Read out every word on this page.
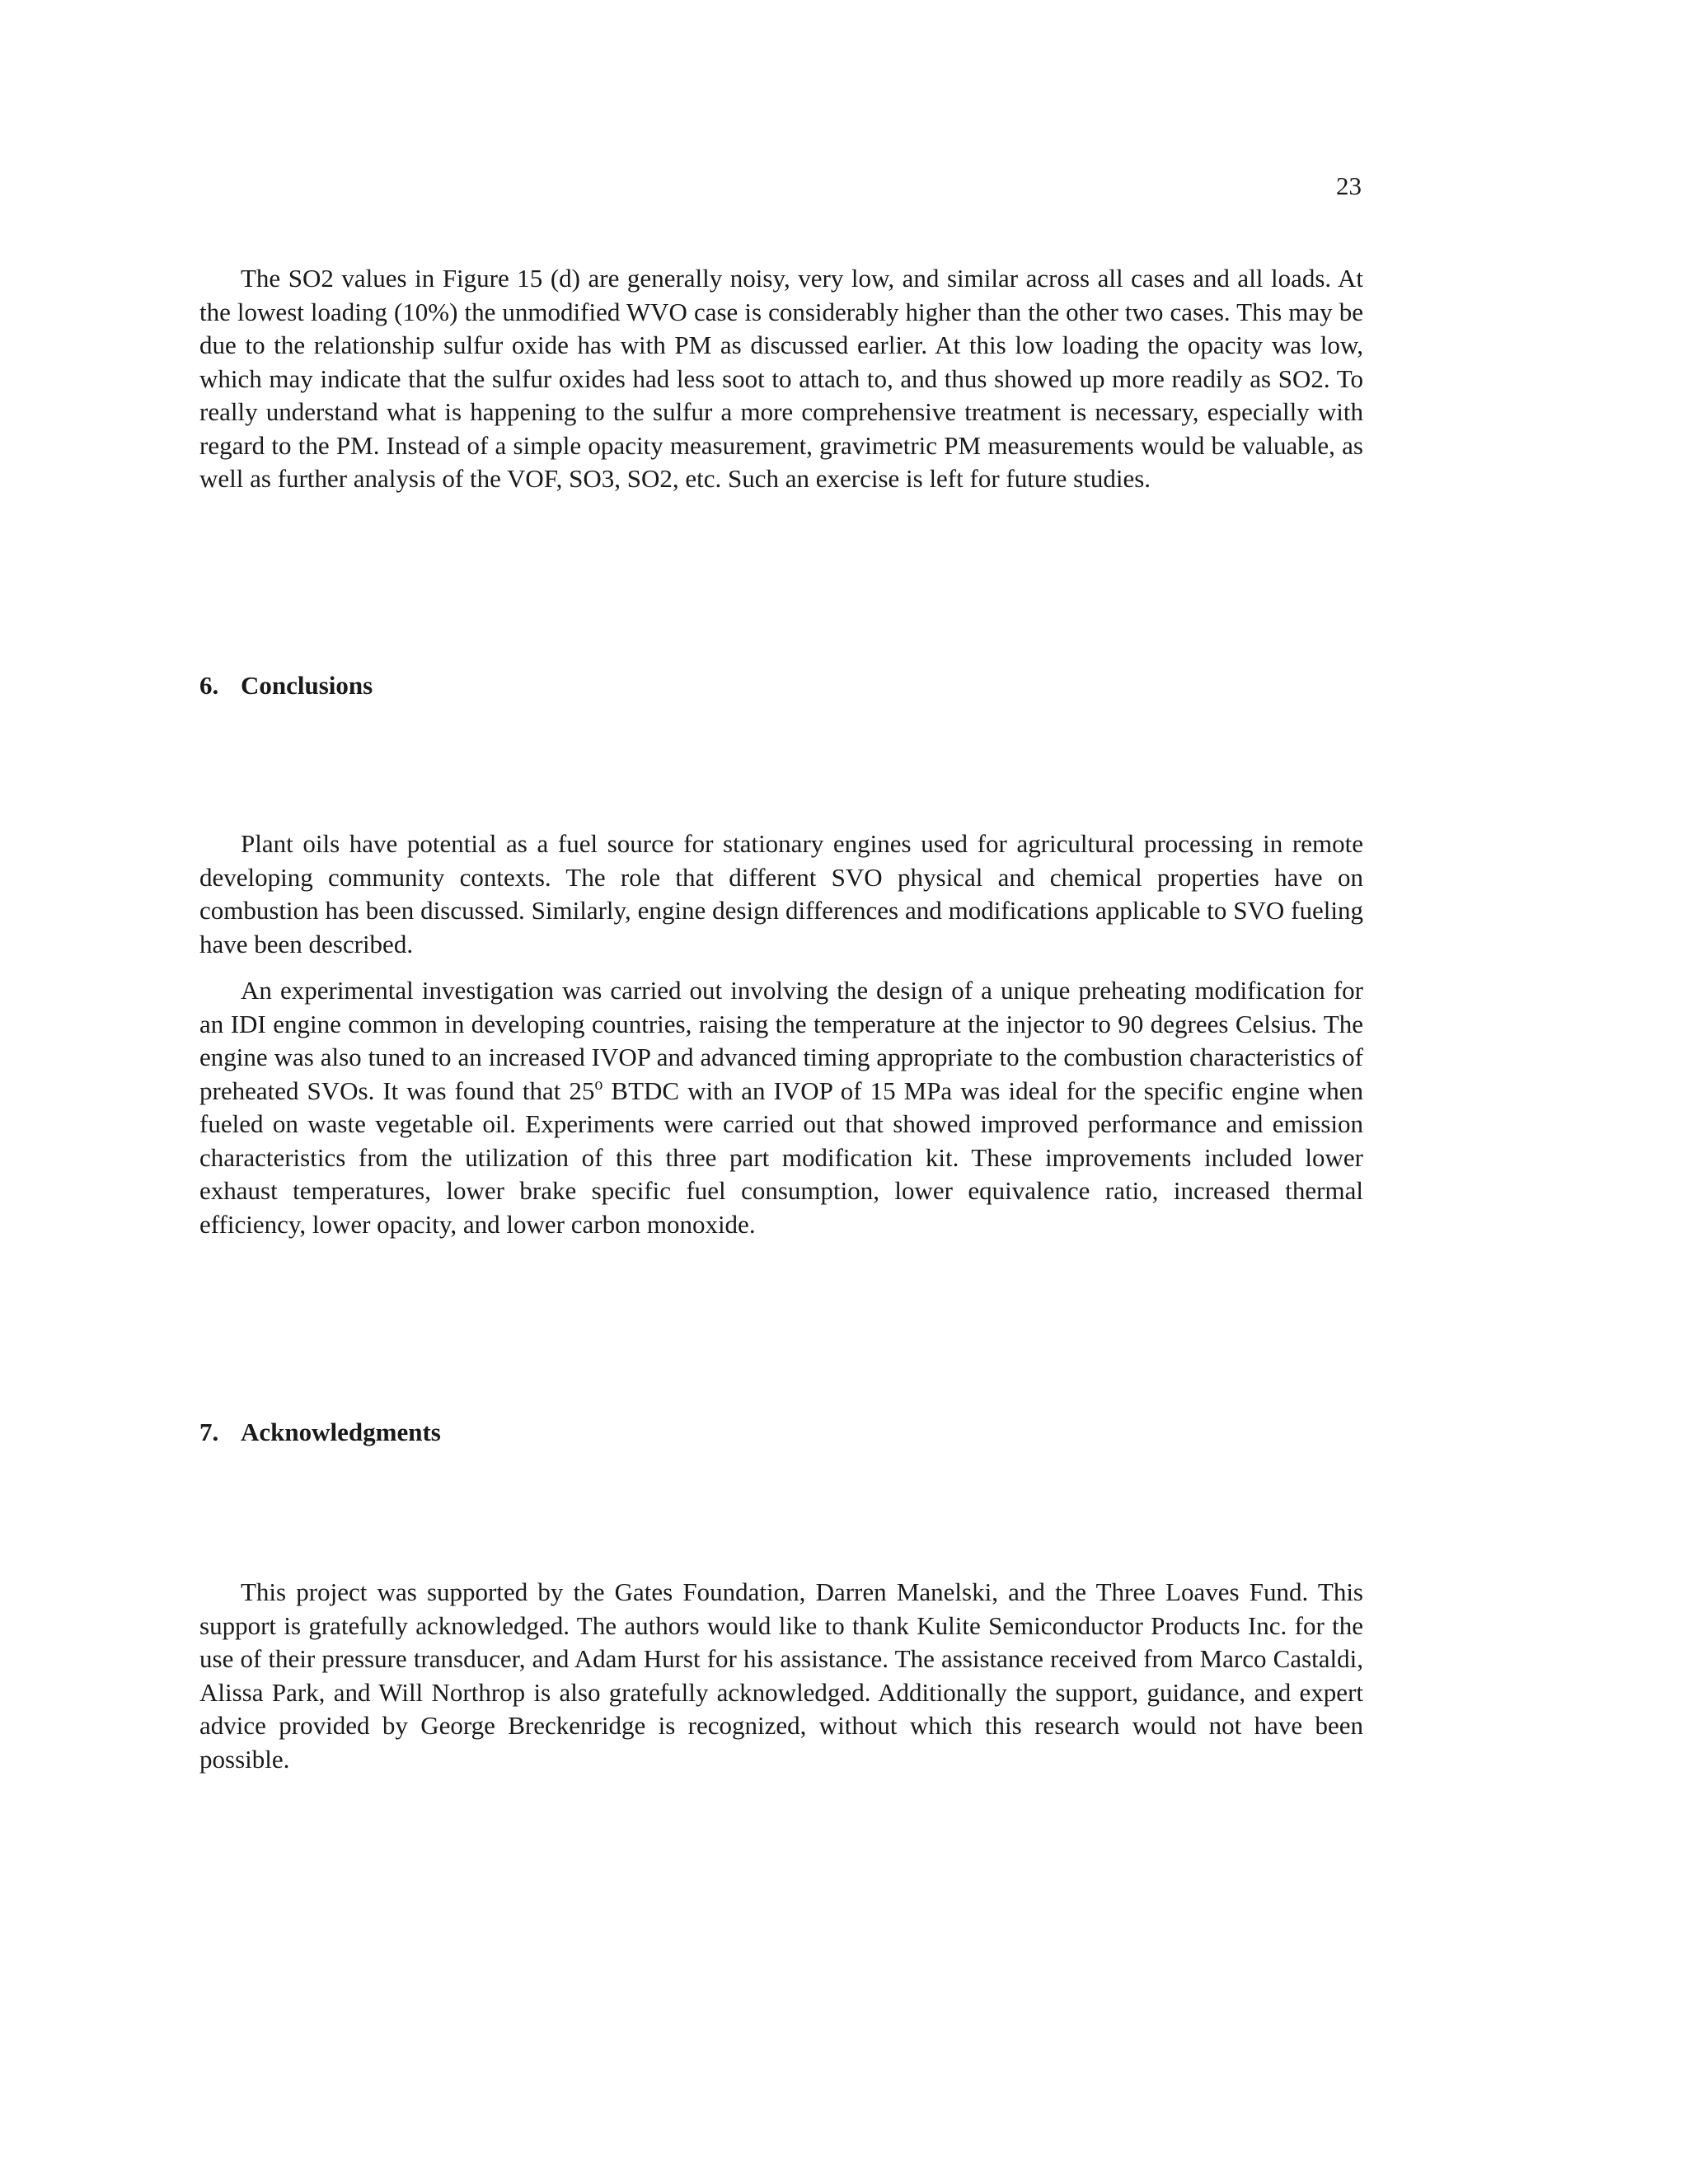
23

The SO2 values in Figure 15 (d) are generally noisy, very low, and similar across all cases and all loads. At the lowest loading (10%) the unmodified WVO case is considerably higher than the other two cases. This may be due to the relationship sulfur oxide has with PM as discussed earlier. At this low loading the opacity was low, which may indicate that the sulfur oxides had less soot to attach to, and thus showed up more readily as SO2. To really understand what is happening to the sulfur a more comprehensive treatment is necessary, especially with regard to the PM. Instead of a simple opacity measurement, gravimetric PM measurements would be valuable, as well as further analysis of the VOF, SO3, SO2, etc. Such an exercise is left for future studies.

6. Conclusions

Plant oils have potential as a fuel source for stationary engines used for agricultural processing in remote developing community contexts. The role that different SVO physical and chemical properties have on combustion has been discussed. Similarly, engine design differences and modifications applicable to SVO fueling have been described.

An experimental investigation was carried out involving the design of a unique preheating modification for an IDI engine common in developing countries, raising the temperature at the injector to 90 degrees Celsius. The engine was also tuned to an increased IVOP and advanced timing appropriate to the combustion characteristics of preheated SVOs. It was found that 25$^o$ BTDC with an IVOP of 15 MPa was ideal for the specific engine when fueled on waste vegetable oil. Experiments were carried out that showed improved performance and emission characteristics from the utilization of this three part modification kit. These improvements included lower exhaust temperatures, lower brake specific fuel consumption, lower equivalence ratio, increased thermal efficiency, lower opacity, and lower carbon monoxide.

7. Acknowledgments

This project was supported by the Gates Foundation, Darren Manelski, and the Three Loaves Fund. This support is gratefully acknowledged. The authors would like to thank Kulite Semiconductor Products Inc. for the use of their pressure transducer, and Adam Hurst for his assistance. The assistance received from Marco Castaldi, Alissa Park, and Will Northrop is also gratefully acknowledged. Additionally the support, guidance, and expert advice provided by George Breckenridge is recognized, without which this research would not have been possible.
